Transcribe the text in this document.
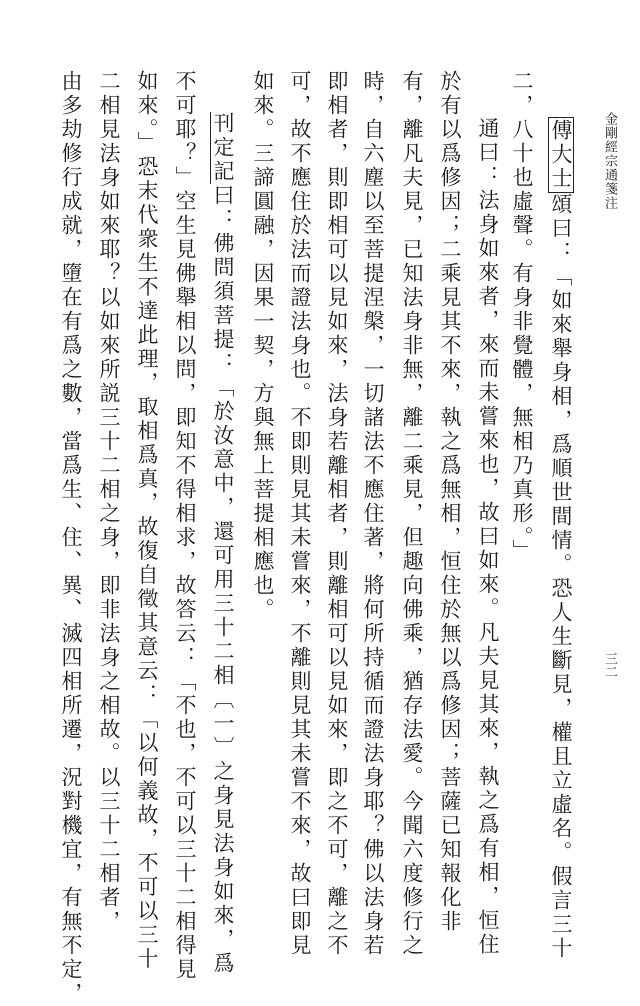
金剛經宗通箋注
三二
傅大士頌曰：「如來舉身相，爲順世間情。恐人生斷見，權且立虛名。假言三十
二，八十也虛聲。有身非覺體，無相乃真形。」
通曰：法身如來者，來而未嘗來也，故曰如來。凡夫見其來，執之爲有相，恒住
於有以爲修因；二乘見其不來，執之爲無相，恒住於無以爲修因；菩薩已知報化非
有，離凡夫見，已知法身非無，離二乘見，但趣向佛乘，猶存法愛。今聞六度修行之
時，自六塵以至菩提涅槃，一切諸法不應住著，將何所持循而證法身耶？佛以法身若
即相者，則即相可以見如來，法身若離相者，則離相可以見如來，即之不可，離之不
可，故不應住於法而證法身也。不即則見其未嘗來，不離則見其未嘗不來，故曰即見
如來。三諦圓融，因果一契，方與無上菩提相應也。
刊定記曰：佛問須菩提：「於汝意中，還可用三十二相〔一〕之身見法身如來，爲
不可耶？」空生見佛舉相以問，即知不得相求，故答云：「不也，不可以三十二相得見
如來。」恐末代衆生不達此理，取相爲真，故復自徵其意云：「以何義故，不可以三十
二相見法身如來耶？以如來所説三十二相之身，即非法身之相故。以三十二相者，
由多劫修行成就，墮在有爲之數，當爲生、住、異、滅四相所遷，況對機宜，有無不定，
